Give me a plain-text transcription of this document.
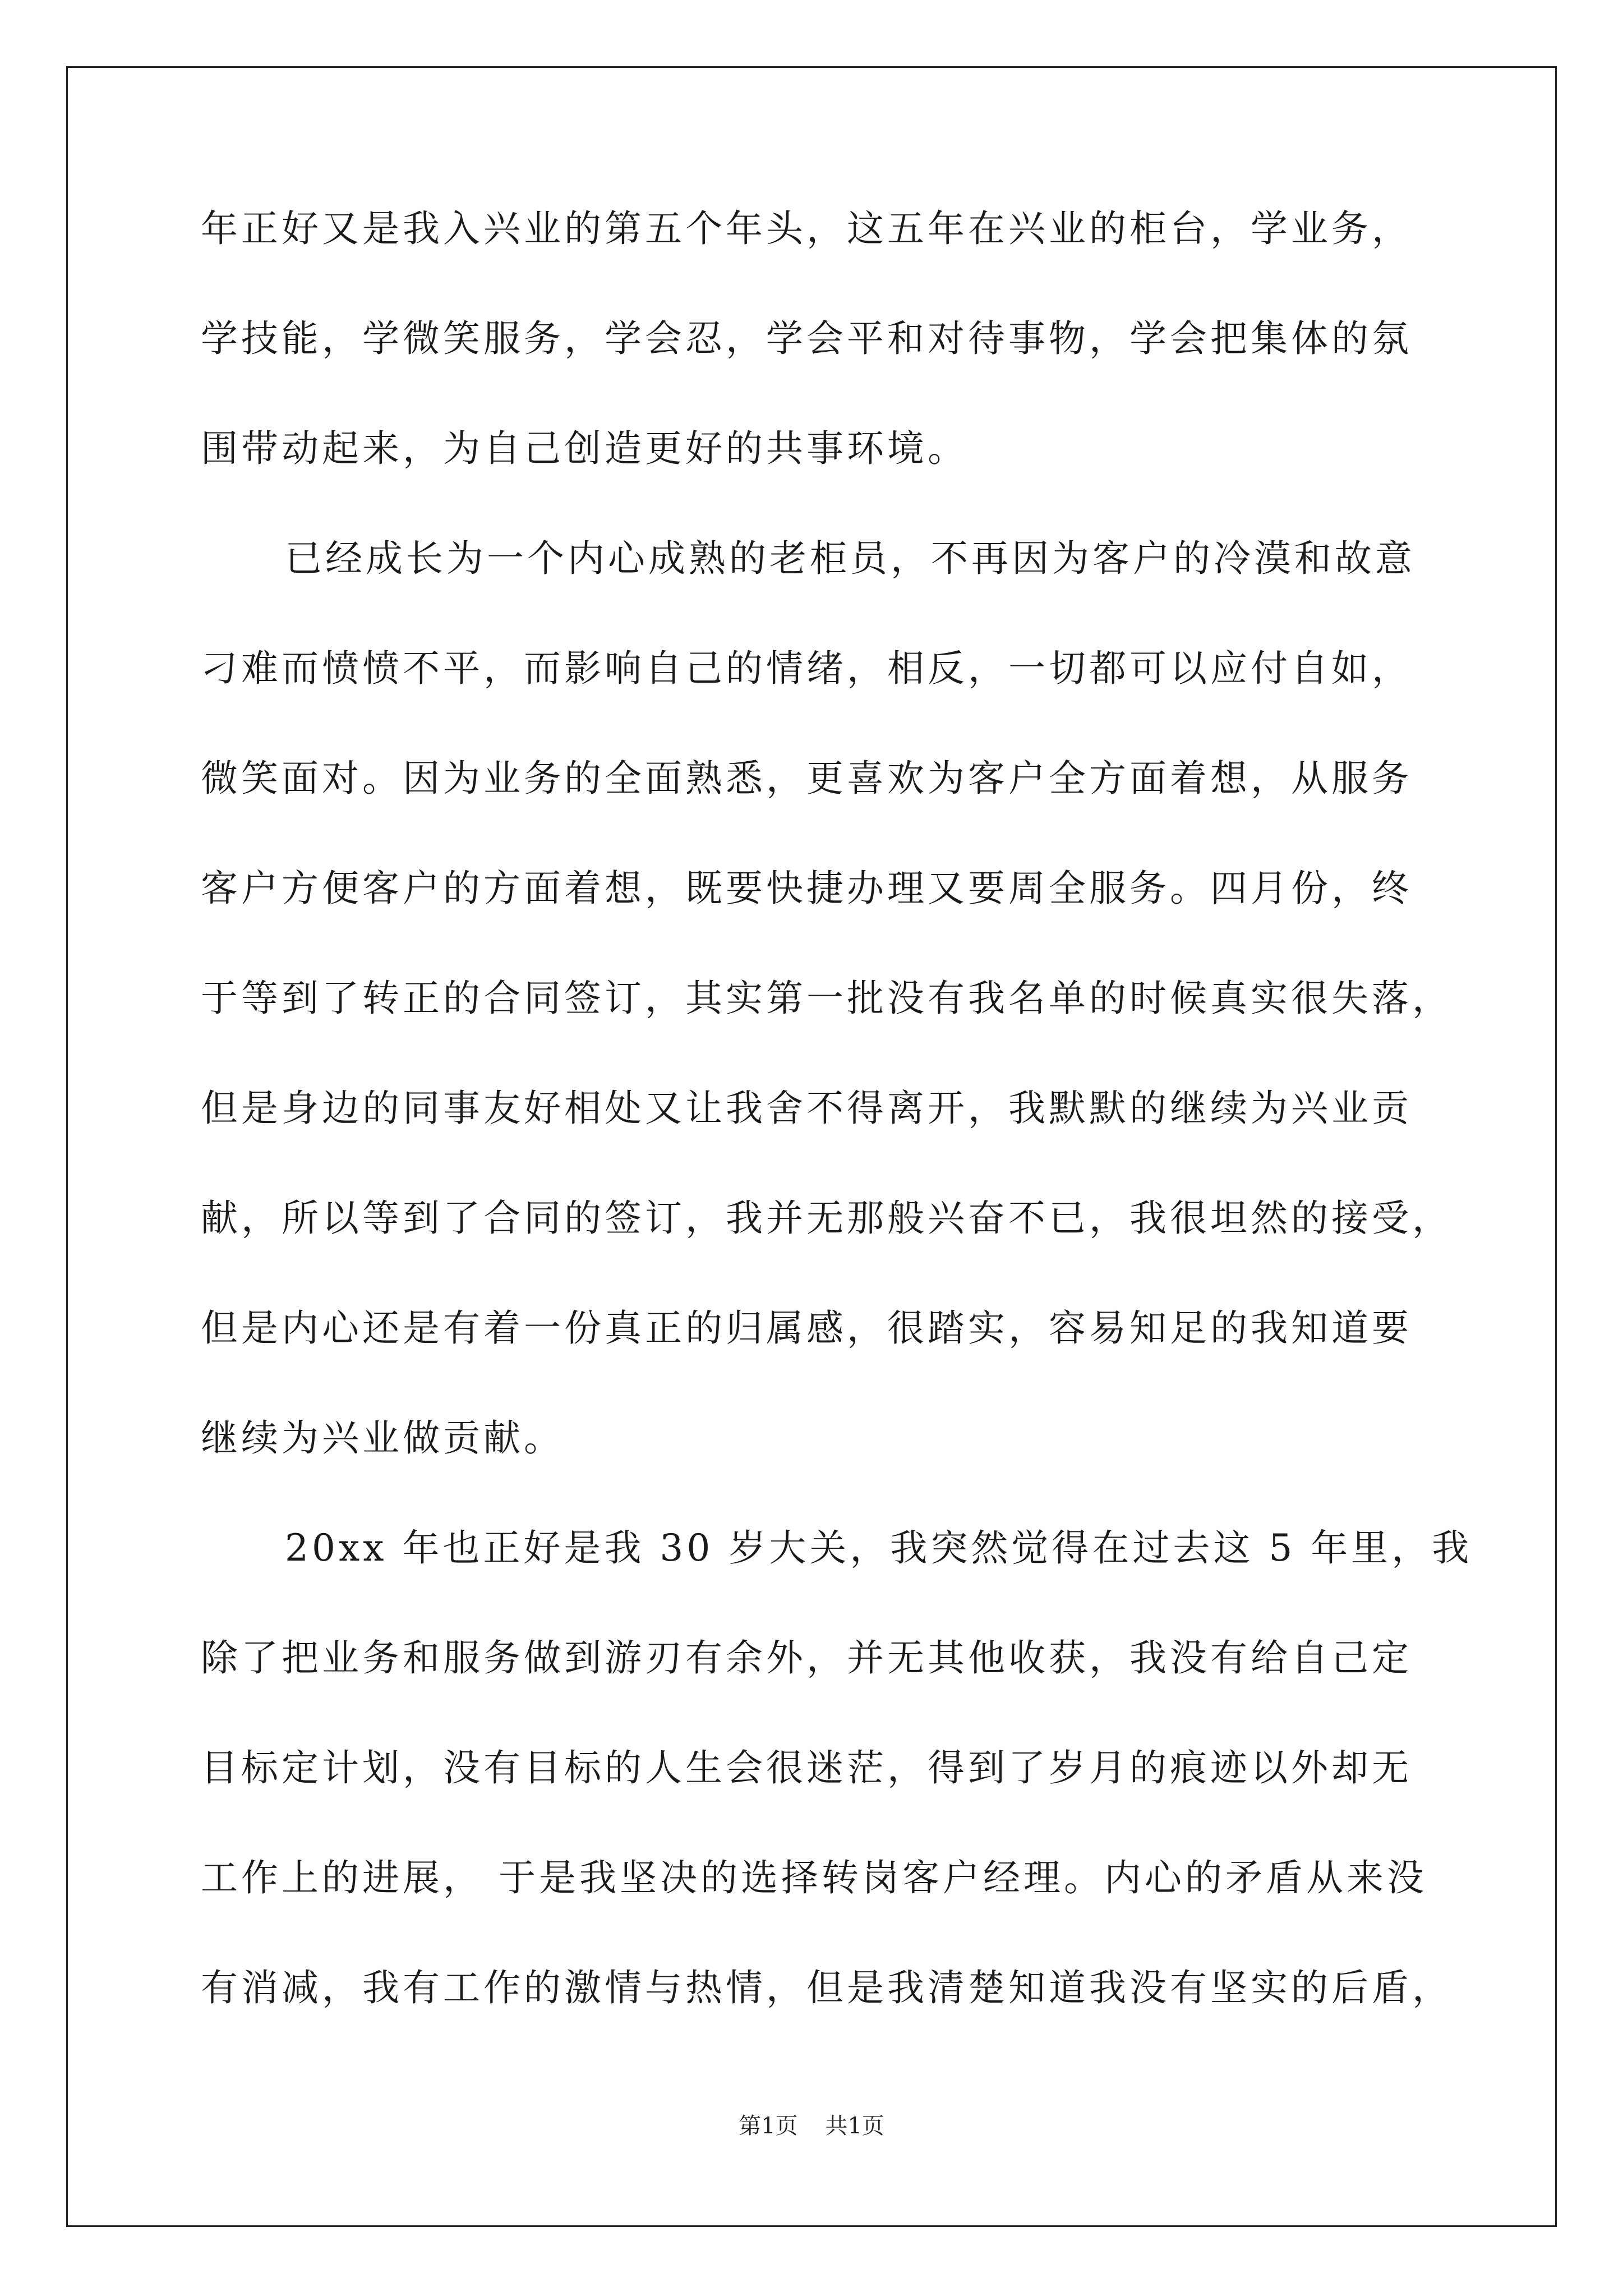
年正好又是我入兴业的第五个年头，这五年在兴业的柜台，学业务，
学技能，学微笑服务，学会忍，学会平和对待事物，学会把集体的氛
围带动起来，为自己创造更好的共事环境。
已经成长为一个内心成熟的老柜员，不再因为客户的冷漠和故意
刁难而愤愤不平，而影响自己的情绪，相反，一切都可以应付自如，
微笑面对。因为业务的全面熟悉，更喜欢为客户全方面着想，从服务
客户方便客户的方面着想，既要快捷办理又要周全服务。四月份，终
于等到了转正的合同签订，其实第一批没有我名单的时候真实很失落，
但是身边的同事友好相处又让我舍不得离开，我默默的继续为兴业贡
献，所以等到了合同的签订，我并无那般兴奋不已，我很坦然的接受，
但是内心还是有着一份真正的归属感，很踏实，容易知足的我知道要
继续为兴业做贡献。
20xx 年也正好是我 30 岁大关，我突然觉得在过去这 5 年里，我
除了把业务和服务做到游刃有余外，并无其他收获，我没有给自己定
目标定计划，没有目标的人生会很迷茫，得到了岁月的痕迹以外却无
工作上的进展， 于是我坚决的选择转岗客户经理。内心的矛盾从来没
有消减，我有工作的激情与热情，但是我清楚知道我没有坚实的后盾，
第1页 共1页
